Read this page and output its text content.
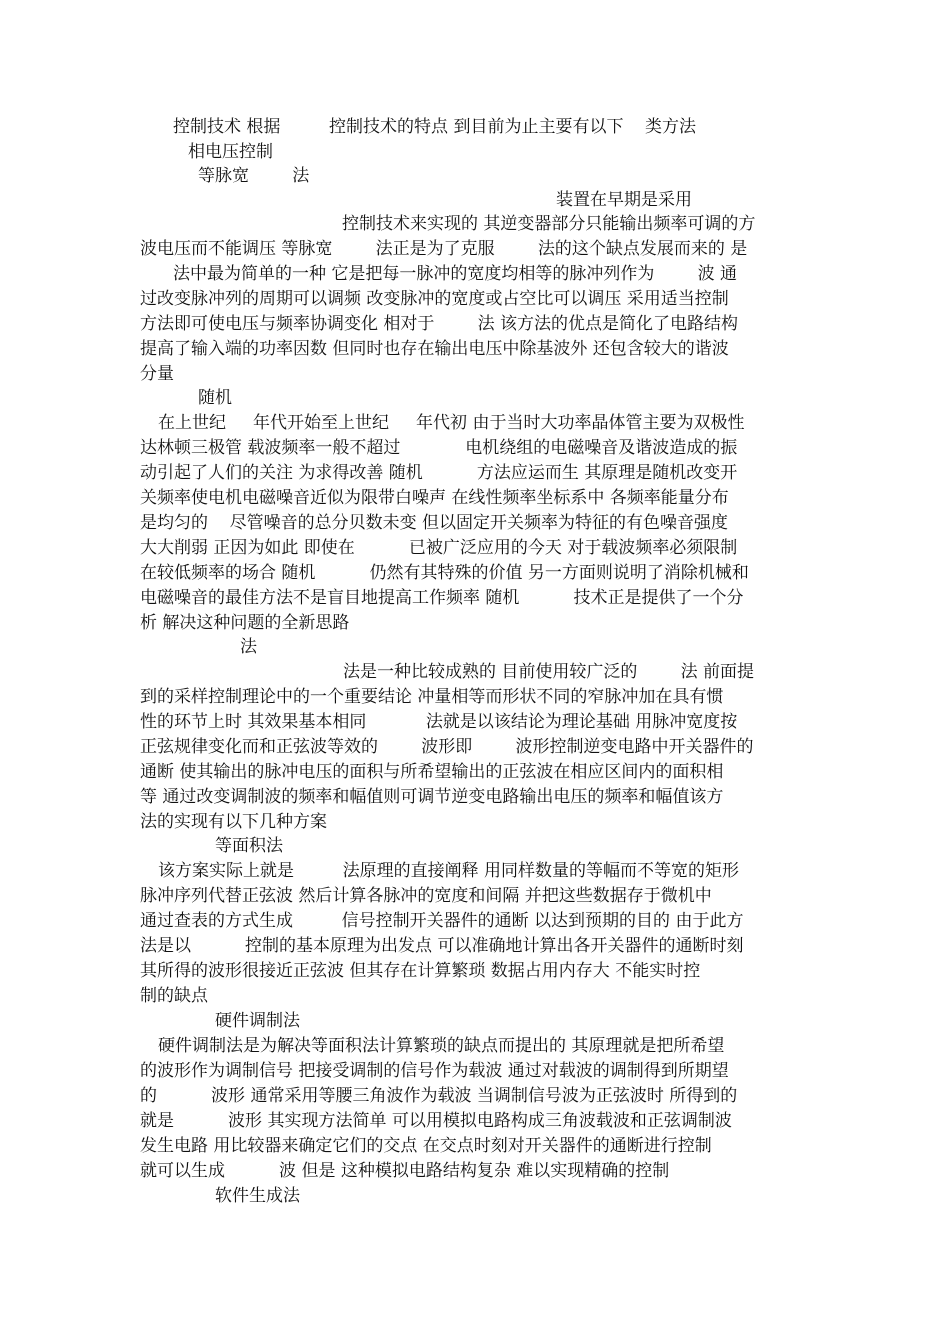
控制技术 根据         控制技术的特点 到目前为止主要有以下    类方法
相电压控制
等脉宽        法
装置在早期是采用
控制技术来实现的 其逆变器部分只能输出频率可调的方
波电压而不能调压 等脉宽        法正是为了克服        法的这个缺点发展而来的 是
法中最为简单的一种 它是把每一脉冲的宽度均相等的脉冲列作为        波 通
过改变脉冲列的周期可以调频 改变脉冲的宽度或占空比可以调压 采用适当控制
方法即可使电压与频率协调变化 相对于        法 该方法的优点是简化了电路结构
提高了输入端的功率因数 但同时也存在输出电压中除基波外 还包含较大的谐波
分量
随机
在上世纪     年代开始至上世纪     年代初 由于当时大功率晶体管主要为双极性
达林顿三极管 载波频率一般不超过            电机绕组的电磁噪音及谐波造成的振
动引起了人们的关注 为求得改善 随机          方法应运而生 其原理是随机改变开
关频率使电机电磁噪音近似为限带白噪声 在线性频率坐标系中 各频率能量分布
是均匀的    尽管噪音的总分贝数未变 但以固定开关频率为特征的有色噪音强度
大大削弱 正因为如此 即使在          已被广泛应用的今天 对于载波频率必须限制
在较低频率的场合 随机          仍然有其特殊的价值 另一方面则说明了消除机械和
电磁噪音的最佳方法不是盲目地提高工作频率 随机          技术正是提供了一个分
析 解决这种问题的全新思路
法
法是一种比较成熟的 目前使用较广泛的        法 前面提
到的采样控制理论中的一个重要结论 冲量相等而形状不同的窄脉冲加在具有惯
性的环节上时 其效果基本相同           法就是以该结论为理论基础 用脉冲宽度按
正弦规律变化而和正弦波等效的        波形即        波形控制逆变电路中开关器件的
通断 使其输出的脉冲电压的面积与所希望输出的正弦波在相应区间内的面积相
等 通过改变调制波的频率和幅值则可调节逆变电路输出电压的频率和幅值该方
法的实现有以下几种方案
等面积法
该方案实际上就是         法原理的直接阐释 用同样数量的等幅而不等宽的矩形
脉冲序列代替正弦波 然后计算各脉冲的宽度和间隔 并把这些数据存于微机中
通过查表的方式生成         信号控制开关器件的通断 以达到预期的目的 由于此方
法是以          控制的基本原理为出发点 可以准确地计算出各开关器件的通断时刻
其所得的波形很接近正弦波 但其存在计算繁琐 数据占用内存大 不能实时控
制的缺点
硬件调制法
硬件调制法是为解决等面积法计算繁琐的缺点而提出的 其原理就是把所希望
的波形作为调制信号 把接受调制的信号作为载波 通过对载波的调制得到所期望
的          波形 通常采用等腰三角波作为载波 当调制信号波为正弦波时 所得到的
就是          波形 其实现方法简单 可以用模拟电路构成三角波载波和正弦调制波
发生电路 用比较器来确定它们的交点 在交点时刻对开关器件的通断进行控制
就可以生成          波 但是 这种模拟电路结构复杂 难以实现精确的控制
软件生成法
